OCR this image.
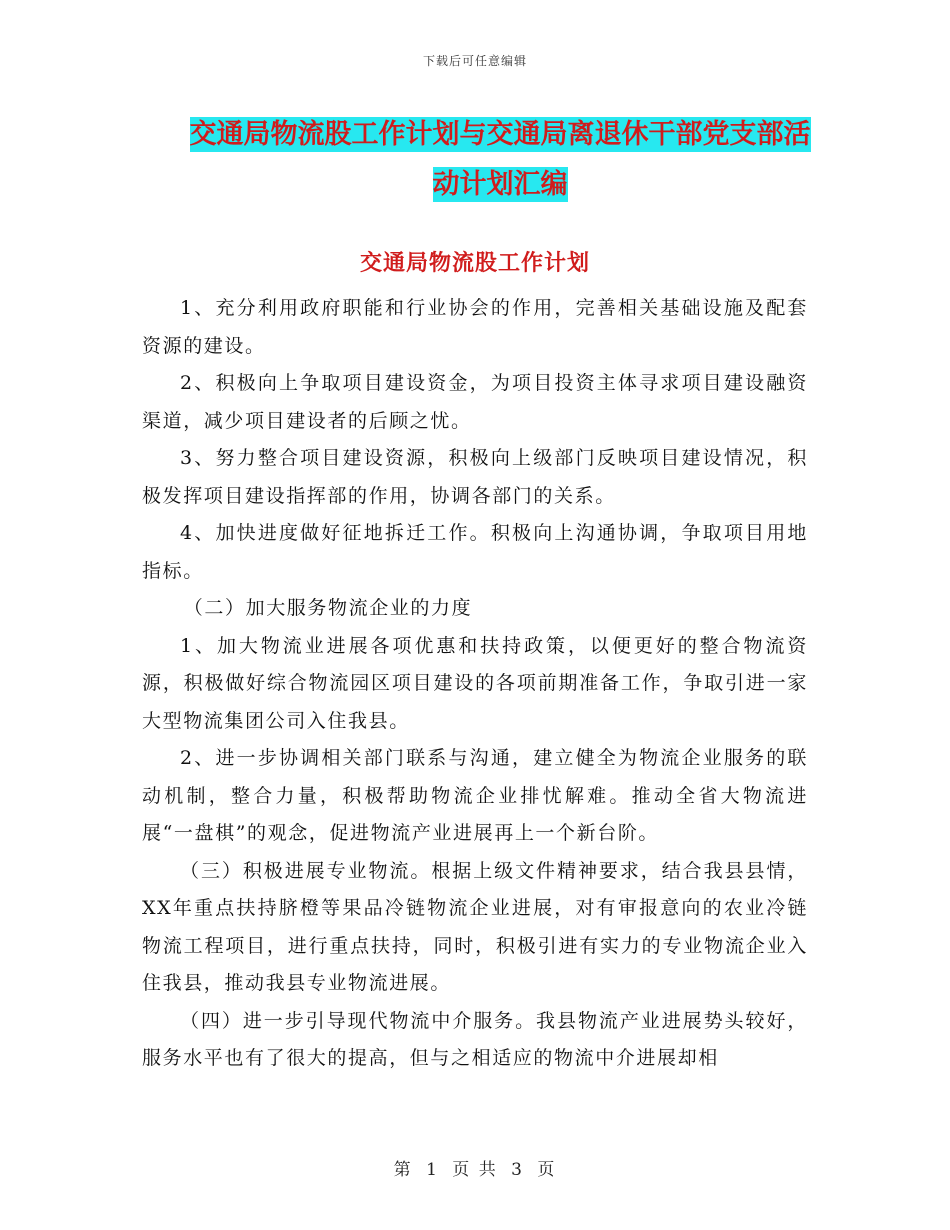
下载后可任意编辑
交通局物流股工作计划与交通局离退休干部党支部活
动计划汇编
交通局物流股工作计划

1、充分利用政府职能和行业协会的作用，完善相关基础设施及配套资源的建设。

2、积极向上争取项目建设资金，为项目投资主体寻求项目建设融资渠道，减少项目建设者的后顾之忧。

3、努力整合项目建设资源，积极向上级部门反映项目建设情况，积极发挥项目建设指挥部的作用，协调各部门的关系。

4、加快进度做好征地拆迁工作。积极向上沟通协调，争取项目用地指标。

（二）加大服务物流企业的力度

1、加大物流业进展各项优惠和扶持政策，以便更好的整合物流资源，积极做好综合物流园区项目建设的各项前期准备工作，争取引进一家大型物流集团公司入住我县。

2、进一步协调相关部门联系与沟通，建立健全为物流企业服务的联动机制，整合力量，积极帮助物流企业排忧解难。推动全省大物流进展“一盘棋”的观念，促进物流产业进展再上一个新台阶。

（三）积极进展专业物流。根据上级文件精神要求，结合我县县情，XX年重点扶持脐橙等果品冷链物流企业进展，对有审报意向的农业冷链物流工程项目，进行重点扶持，同时，积极引进有实力的专业物流企业入住我县，推动我县专业物流进展。

（四）进一步引导现代物流中介服务。我县物流产业进展势头较好，服务水平也有了很大的提高，但与之相适应的物流中介进展却相

第 1 页 共 3 页
